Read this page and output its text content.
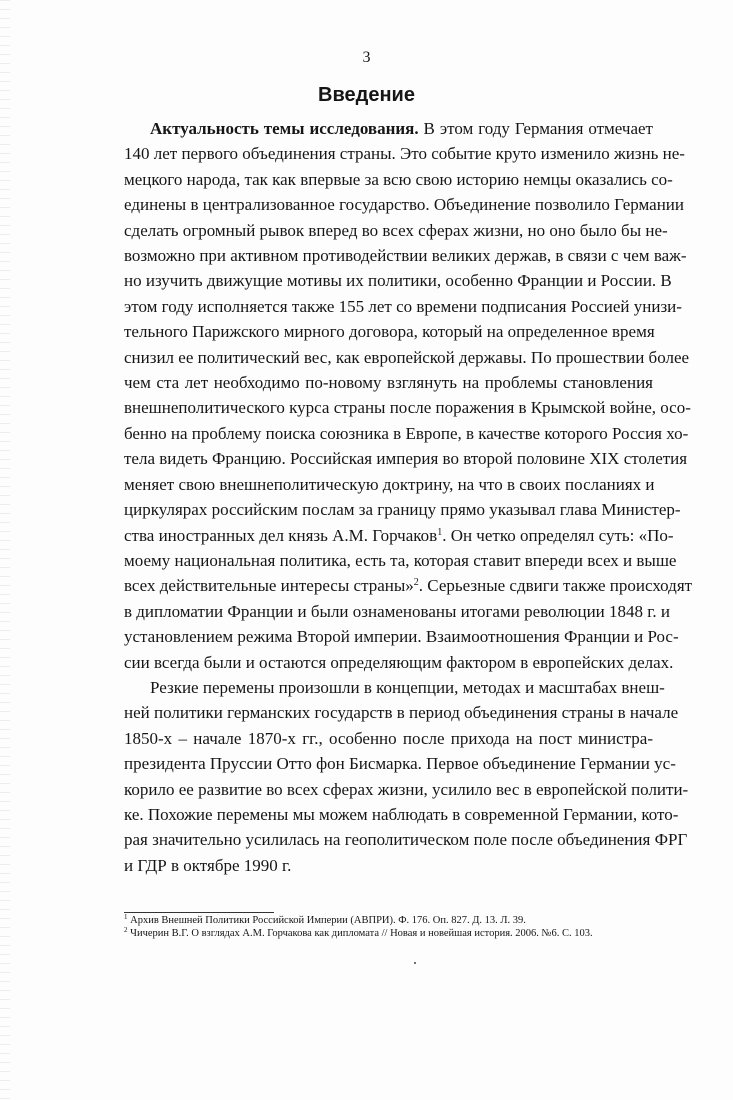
3
Введение
Актуальность темы исследования. В этом году Германия отмечает
140 лет первого объединения страны. Это событие круто изменило жизнь не-
мецкого народа, так как впервые за всю свою историю немцы оказались со-
единены в централизованное государство. Объединение позволило Германии
сделать огромный рывок вперед во всех сферах жизни, но оно было бы не-
возможно при активном противодействии великих держав, в связи с чем важ-
но изучить движущие мотивы их политики, особенно Франции и России. В
этом году исполняется также 155 лет со времени подписания Россией унизи-
тельного Парижского мирного договора, который на определенное время
снизил ее политический вес, как европейской державы. По прошествии более
чем ста лет необходимо по-новому взглянуть на проблемы становления
внешнеполитического курса страны после поражения в Крымской войне, осо-
бенно на проблему поиска союзника в Европе, в качестве которого Россия хо-
тела видеть Францию. Российская империя во второй половине XIX столетия
меняет свою внешнеполитическую доктрину, на что в своих посланиях и
циркулярах российским послам за границу прямо указывал глава Министер-
ства иностранных дел князь А.М. Горчаков$^1$. Он четко определял суть: «По-
моему национальная политика, есть та, которая ставит впереди всех и выше
всех действительные интересы страны»$^2$. Серьезные сдвиги также происходят
в дипломатии Франции и были ознаменованы итогами революции 1848 г. и
установлением режима Второй империи. Взаимоотношения Франции и Рос-
сии всегда были и остаются определяющим фактором в европейских делах.
Резкие перемены произошли в концепции, методах и масштабах внеш-
ней политики германских государств в период объединения страны в начале
1850-х – начале 1870-х гг., особенно после прихода на пост министра-
президента Пруссии Отто фон Бисмарка. Первое объединение Германии ус-
корило ее развитие во всех сферах жизни, усилило вес в европейской полити-
ке. Похожие перемены мы можем наблюдать в современной Германии, кото-
рая значительно усилилась на геополитическом поле после объединения ФРГ
и ГДР в октябре 1990 г.
$^1$ Архив Внешней Политики Российской Империи (АВПРИ). Ф. 176. Оп. 827. Д. 13. Л. 39.
$^2$ Чичерин В.Г. О взглядах А.М. Горчакова как дипломата // Новая и новейшая история. 2006. №6. С. 103.
